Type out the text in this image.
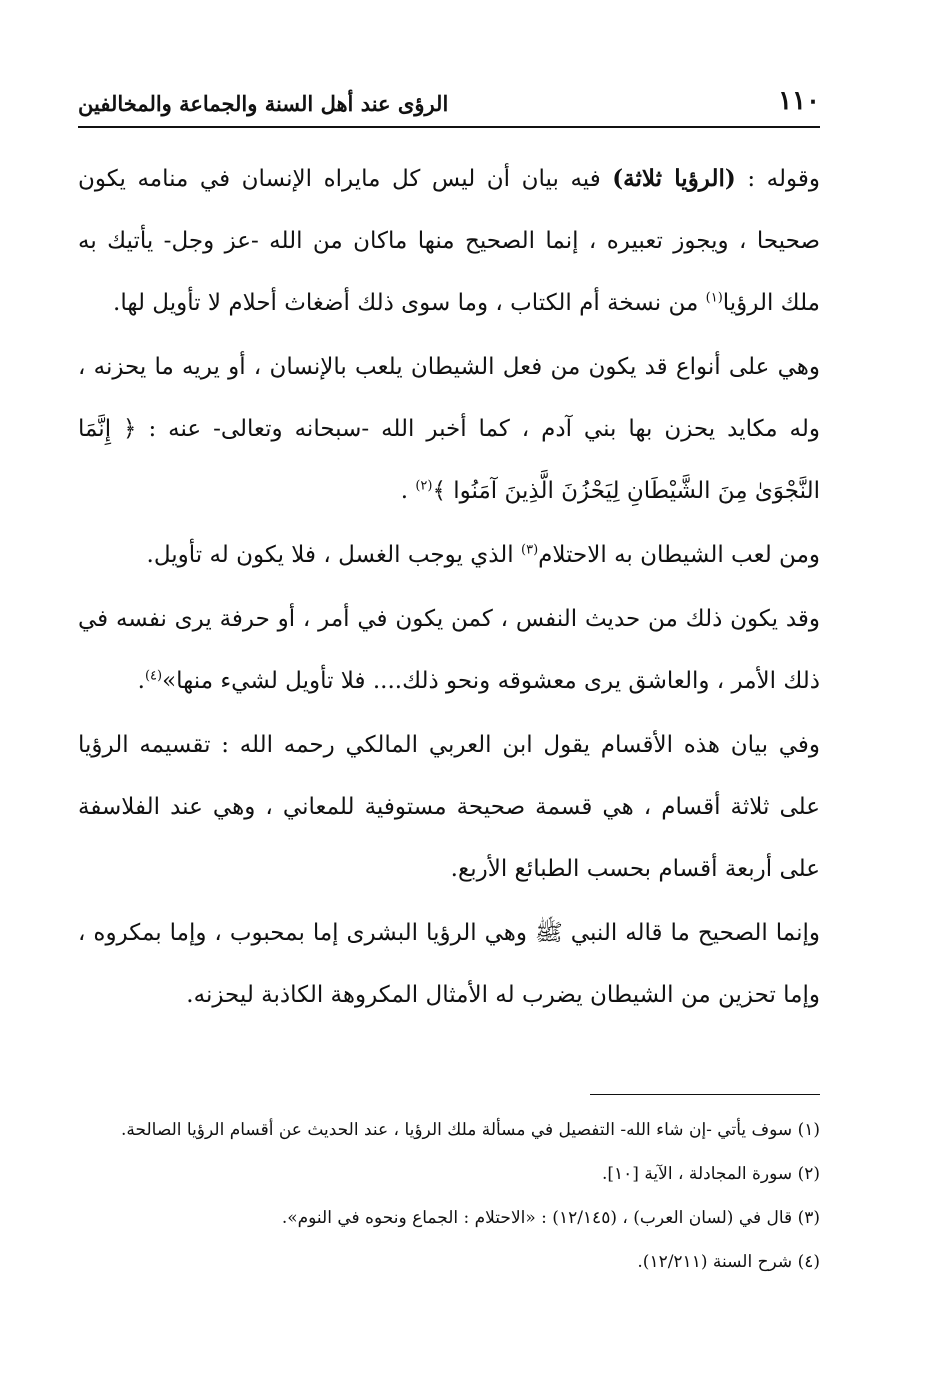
١١٠
الرؤى عند أهل السنة والجماعة والمخالفين

وقوله : (الرؤيا ثلاثة) فيه بيان أن ليس كل مايراه الإنسان في منامه يكون صحيحا ، ويجوز تعبيره ، إنما الصحيح منها ماكان من الله -عز وجل- يأتيك به ملك الرؤيا$^{(١)}$ من نسخة أم الكتاب ، وما سوى ذلك أضغاث أحلام لا تأويل لها.

وهي على أنواع قد يكون من فعل الشيطان يلعب بالإنسان ، أو يريه ما يحزنه ، وله مكايد يحزن بها بني آدم ، كما أخبر الله -سبحانه وتعالى- عنه : ﴿ إِنَّمَا النَّجْوَىٰ مِنَ الشَّيْطَانِ لِيَحْزُنَ الَّذِينَ آمَنُوا ﴾$^{(٢)}$ .

ومن لعب الشيطان به الاحتلام$^{(٣)}$ الذي يوجب الغسل ، فلا يكون له تأويل.

وقد يكون ذلك من حديث النفس ، كمن يكون في أمر ، أو حرفة يرى نفسه في ذلك الأمر ، والعاشق يرى معشوقه ونحو ذلك.... فلا تأويل لشيء منها»$^{(٤)}$.

وفي بيان هذه الأقسام يقول ابن العربي المالكي رحمه الله : تقسيمه الرؤيا على ثلاثة أقسام ، هي قسمة صحيحة مستوفية للمعاني ، وهي عند الفلاسفة على أربعة أقسام بحسب الطبائع الأربع.

وإنما الصحيح ما قاله النبي ﷺ وهي الرؤيا البشرى إما بمحبوب ، وإما بمكروه ، وإما تحزين من الشيطان يضرب له الأمثال المكروهة الكاذبة ليحزنه.

(١) سوف يأتي -إن شاء الله- التفصيل في مسألة ملك الرؤيا ، عند الحديث عن أقسام الرؤيا الصالحة.

(٢) سورة المجادلة ، الآية [١٠].

(٣) قال في (لسان العرب) ، (١٢/١٤٥) : «الاحتلام : الجماع ونحوه في النوم».

(٤) شرح السنة (١٢/٢١١).
